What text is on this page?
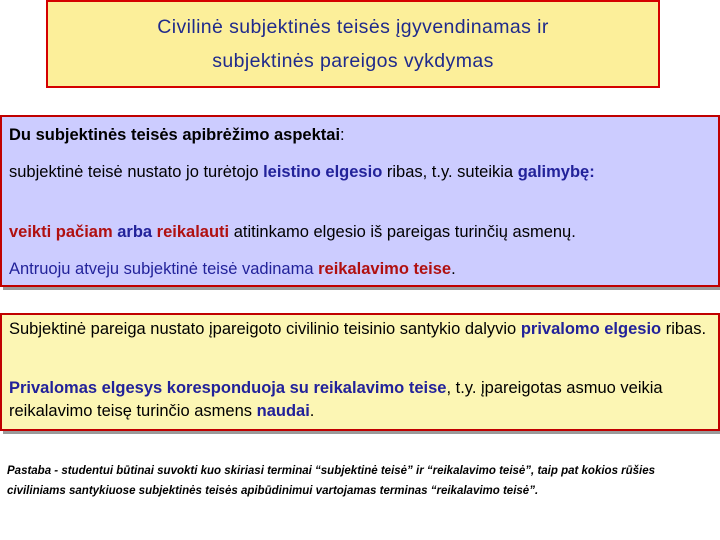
Civilinė subjektinės teisės įgyvendinamas ir
subjektinės pareigos vykdymas
Du subjektinės teisės apibrėžimo aspektai:
subjektinė teisė nustato jo turėtojo leistino elgesio ribas, t.y. suteikia galimybę:
veikti pačiam arba reikalauti atitinkamo elgesio iš pareigas turinčių asmenų.
Antruoju atveju subjektinė teisė vadinama reikalavimo teise.
Subjektinė pareiga nustato įpareigoto civilinio teisinio santykio dalyvio privalomo elgesio ribas.
Privalomas elgesys koresponduoja su reikalavimo teise, t.y. įpareigotas asmuo veikia reikalavimo teisę turinčio asmens naudai.
Pastaba - studentui būtinai suvokti kuo skiriasi terminai “subjektinė teisė” ir “reikalavimo teisė”, taip pat kokios rūšies civiliniams santykiuose subjektinės teisės apibūdinimui vartojamas terminas “reikalavimo teisė”.
